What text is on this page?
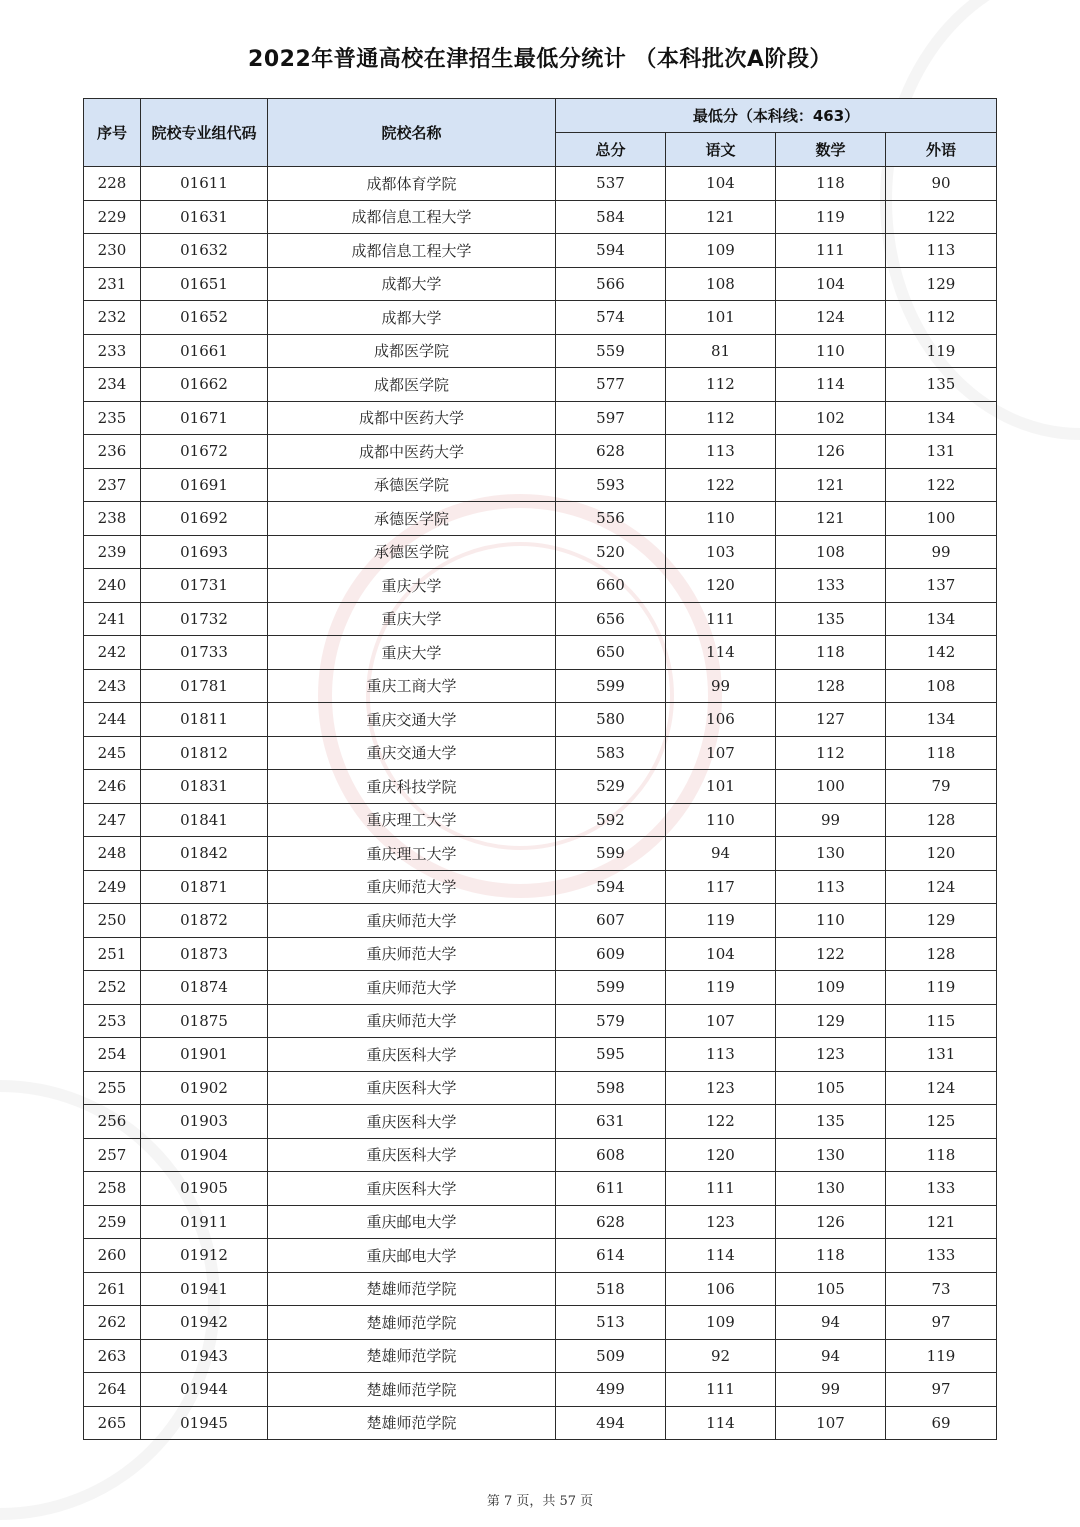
2022年普通高校在津招生最低分统计 （本科批次A阶段）
序号	院校专业组代码	院校名称	最低分（本科线：463）			
			总分	语文	数学	外语
228	01611	成都体育学院	537	104	118	90
229	01631	成都信息工程大学	584	121	119	122
230	01632	成都信息工程大学	594	109	111	113
231	01651	成都大学	566	108	104	129
232	01652	成都大学	574	101	124	112
233	01661	成都医学院	559	81	110	119
234	01662	成都医学院	577	112	114	135
235	01671	成都中医药大学	597	112	102	134
236	01672	成都中医药大学	628	113	126	131
237	01691	承德医学院	593	122	121	122
238	01692	承德医学院	556	110	121	100
239	01693	承德医学院	520	103	108	99
240	01731	重庆大学	660	120	133	137
241	01732	重庆大学	656	111	135	134
242	01733	重庆大学	650	114	118	142
243	01781	重庆工商大学	599	99	128	108
244	01811	重庆交通大学	580	106	127	134
245	01812	重庆交通大学	583	107	112	118
246	01831	重庆科技学院	529	101	100	79
247	01841	重庆理工大学	592	110	99	128
248	01842	重庆理工大学	599	94	130	120
249	01871	重庆师范大学	594	117	113	124
250	01872	重庆师范大学	607	119	110	129
251	01873	重庆师范大学	609	104	122	128
252	01874	重庆师范大学	599	119	109	119
253	01875	重庆师范大学	579	107	129	115
254	01901	重庆医科大学	595	113	123	131
255	01902	重庆医科大学	598	123	105	124
256	01903	重庆医科大学	631	122	135	125
257	01904	重庆医科大学	608	120	130	118
258	01905	重庆医科大学	611	111	130	133
259	01911	重庆邮电大学	628	123	126	121
260	01912	重庆邮电大学	614	114	118	133
261	01941	楚雄师范学院	518	106	105	73
262	01942	楚雄师范学院	513	109	94	97
263	01943	楚雄师范学院	509	92	94	119
264	01944	楚雄师范学院	499	111	99	97
265	01945	楚雄师范学院	494	114	107	69
第 7 页，共 57 页
